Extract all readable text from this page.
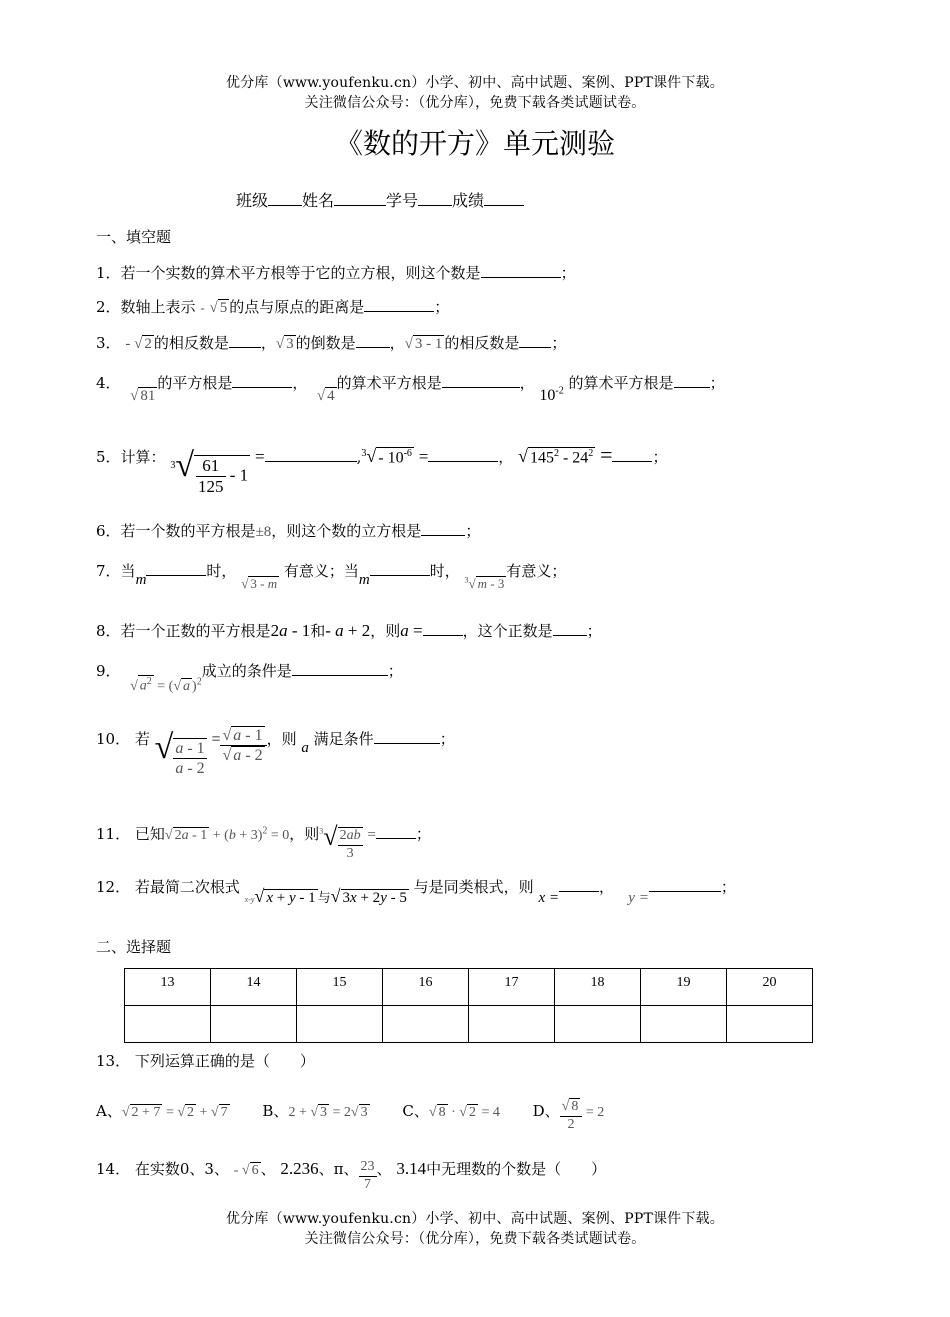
优分库（www.youfenku.cn）小学、初中、高中试题、案例、PPT课件下载。
关注微信公众号：（优分库），免费下载各类试题试卷。
《数的开方》单元测验
班级 姓名	学号 成绩
一、填空题
1．若一个实数的算术平方根等于它的立方根，则这个数是	；
2．数轴上表示 - √ 5 的点与原点的距离是	；
3． - √ 2 的相反数是 ，√ 3 的倒数是 ，√ 3 - 1 的相反数是 ；
4．  √ 81的平方根是	，  √ 4的算术平方根是	， $10^{-2}$ 的算术平方根是 ；
5．计算： $_3√ \frac{61}{125} - 1$ =	$,^3√ - 10^{-6}$ =	， √ $145^2 - 24^2$ =	；
6．若一个数的平方根是±8，则这个数的立方根是	；
7．当m	时， √ 3 - m 有意义；当m	时， $^3$√ m - 3有意义；
8．若一个正数的平方根是2a - 1和- a + 2，则a =	，这个正数是 ；
9．  √ $a^2$ = (√ a )$^2$成立的条件是	；
10． 若 √ $\frac{a - 1}{a - 2} = \frac{√ a - 1}{√ a - 2}$ ，则 a 满足条件	；
11． 已知√ $2a - 1 + (b + 3)^2 = 0$，则$^3√ \frac{2ab}{3}$ =	；
12． 若最简二次根式 $_{x-y}$√ x + y - 1 与√ 3x + 2y - 5 与是同类根式，则 x =，   y =；
二、选择题
13	14	15	16	17	18	19	20

13． 下列运算正确的是（　　）
A、√ 2 + 7 = √ 2 + √ 7 B、2 + √ 3 = 2√ 3 C、√ 8 · √ 2 = 4 D、 $\frac{√ 8}{2} = 2$
14． 在实数0、3、 - √ 6 、 2.236、π、 $\frac{23}{7}$ 、 3.14中无理数的个数是（　　）
优分库（www.youfenku.cn）小学、初中、高中试题、案例、PPT课件下载。
关注微信公众号：（优分库），免费下载各类试题试卷。
